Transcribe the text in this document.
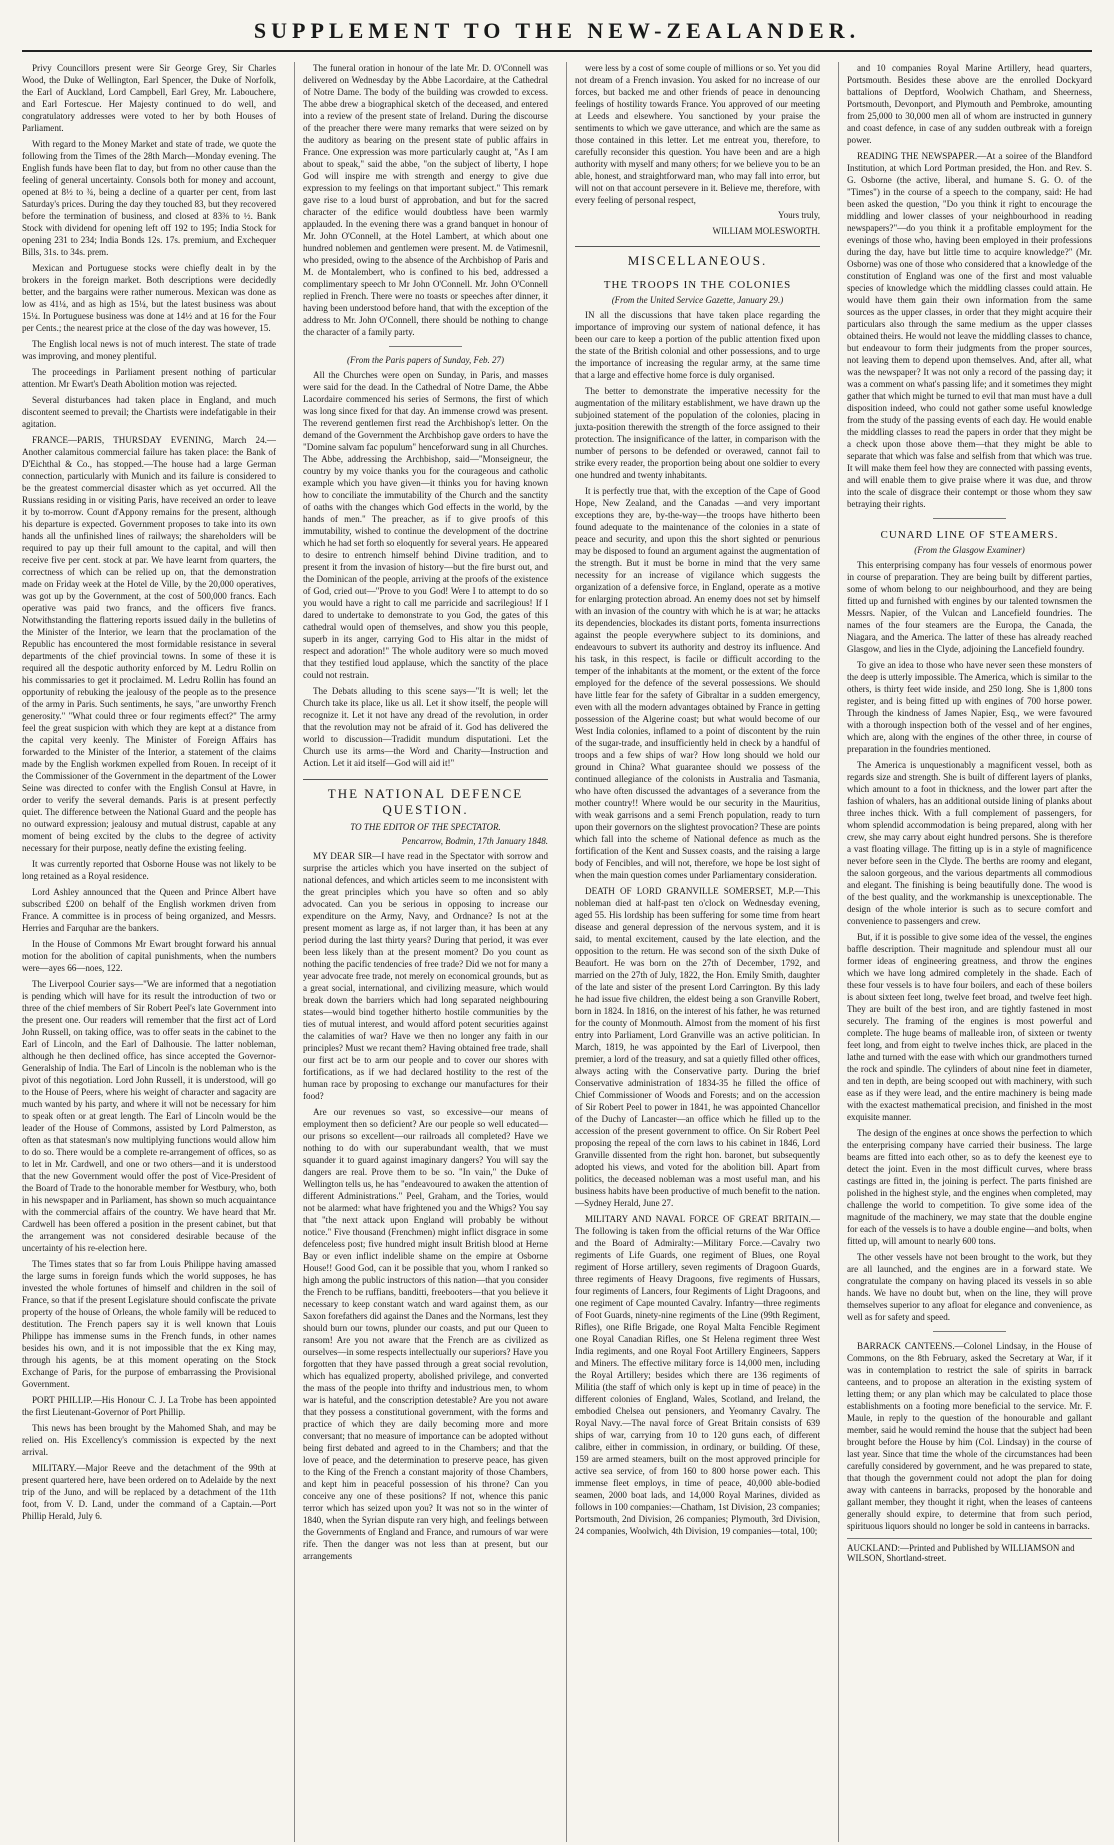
SUPPLEMENT TO THE NEW-ZEALANDER.

Privy Councillors present were Sir George Grey, Sir Charles Wood, the Duke of Wellington, Earl Spencer, the Duke of Norfolk, the Earl of Auckland, Lord Campbell, Earl Grey, Mr. Labouchere, and Earl Fortescue. Her Majesty continued to do well, and congratulatory addresses were voted to her by both Houses of Parliament.

With regard to the Money Market and state of trade, we quote the following from the Times of the 28th March—Monday evening. The English funds have been flat to day, but from no other cause than the feeling of general uncertainty. Consols both for money and account, opened at 8½ to ¾, being a decline of a quarter per cent, from last Saturday's prices. During the day they touched 83, but they recovered before the termination of business, and closed at 83⅜ to ½. Bank Stock with dividend for opening left off 192 to 195; India Stock for opening 231 to 234; India Bonds 12s. 17s. premium, and Exchequer Bills, 31s. to 34s. prem.

Mexican and Portuguese stocks were chiefly dealt in by the brokers in the foreign market. Both descriptions were decidedly better, and the bargains were rather numerous. Mexican was done as low as 41¼, and as high as 15¼, but the latest business was about 15¼. In Portuguese business was done at 14½ and at 16 for the Four per Cents.; the nearest price at the close of the day was however, 15.

The English local news is not of much interest. The state of trade was improving, and money plentiful.

The proceedings in Parliament present nothing of particular attention. Mr Ewart's Death Abolition motion was rejected.

Several disturbances had taken place in England, and much discontent seemed to prevail; the Chartists were indefatigable in their agitation.

FRANCE—PARIS, THURSDAY EVENING, March 24.—Another calamitous commercial failure has taken place: the Bank of D'Eichthal & Co., has stopped.—The house had a large German connection, particularly with Munich and its failure is considered to be the greatest commercial disaster which as yet occurred. All the Russians residing in or visiting Paris, have received an order to leave it by to-morrow. Count d'Appony remains for the present, although his departure is expected. Government proposes to take into its own hands all the unfinished lines of railways; the shareholders will be required to pay up their full amount to the capital, and will then receive five per cent. stock at par. We have learnt from quarters, the correctness of which can be relied up on, that the demonstration made on Friday week at the Hotel de Ville, by the 20,000 operatives, was got up by the Government, at the cost of 500,000 francs. Each operative was paid two francs, and the officers five francs. Notwithstanding the flattering reports issued daily in the bulletins of the Minister of the Interior, we learn that the proclamation of the Republic has encountered the most formidable resistance in several departments of the chief provincial towns. In some of these it is required all the despotic authority enforced by M. Ledru Rollin on his commissaries to get it proclaimed. M. Ledru Rollin has found an opportunity of rebuking the jealousy of the people as to the presence of the army in Paris. Such sentiments, he says, "are unworthy French generosity." "What could three or four regiments effect?" The army feel the great suspicion with which they are kept at a distance from the capital very keenly. The Minister of Foreign Affairs has forwarded to the Minister of the Interior, a statement of the claims made by the English workmen expelled from Rouen. In receipt of it the Commissioner of the Government in the department of the Lower Seine was directed to confer with the English Consul at Havre, in order to verify the several demands. Paris is at present perfectly quiet. The difference between the National Guard and the people has no outward expression; jealousy and mutual distrust, capable at any moment of being excited by the clubs to the degree of activity necessary for their purpose, neatly define the existing feeling.

It was currently reported that Osborne House was not likely to be long retained as a Royal residence.

Lord Ashley announced that the Queen and Prince Albert have subscribed £200 on behalf of the English workmen driven from France. A committee is in process of being organized, and Messrs. Herries and Farquhar are the bankers.

In the House of Commons Mr Ewart brought forward his annual motion for the abolition of capital punishments, when the numbers were—ayes 66—noes, 122.

The Liverpool Courier says—"We are informed that a negotiation is pending which will have for its result the introduction of two or three of the chief members of Sir Robert Peel's late Government into the present one. Our readers will remember that the first act of Lord John Russell, on taking office, was to offer seats in the cabinet to the Earl of Lincoln, and the Earl of Dalhousie. The latter nobleman, although he then declined office, has since accepted the Governor-Generalship of India. The Earl of Lincoln is the nobleman who is the pivot of this negotiation. Lord John Russell, it is understood, will go to the House of Peers, where his weight of character and sagacity are much wanted by his party, and where it will not be necessary for him to speak often or at great length. The Earl of Lincoln would be the leader of the House of Commons, assisted by Lord Palmerston, as often as that statesman's now multiplying functions would allow him to do so. There would be a complete re-arrangement of offices, so as to let in Mr. Cardwell, and one or two others—and it is understood that the new Government would offer the post of Vice-President of the Board of Trade to the honorable member for Westbury, who, both in his newspaper and in Parliament, has shown so much acquaintance with the commercial affairs of the country. We have heard that Mr. Cardwell has been offered a position in the present cabinet, but that the arrangement was not considered desirable because of the uncertainty of his re-election here.

The Times states that so far from Louis Philippe having amassed the large sums in foreign funds which the world supposes, he has invested the whole fortunes of himself and children in the soil of France, so that if the present Legislature should confiscate the private property of the house of Orleans, the whole family will be reduced to destitution. The French papers say it is well known that Louis Philippe has immense sums in the French funds, in other names besides his own, and it is not impossible that the ex King may, through his agents, be at this moment operating on the Stock Exchange of Paris, for the purpose of embarrassing the Provisional Government.

PORT PHILLIP.—His Honour C. J. La Trobe has been appointed the first Lieutenant-Governor of Port Phillip.

This news has been brought by the Mahomed Shah, and may be relied on. His Excellency's commission is expected by the next arrival.

MILITARY.—Major Reeve and the detachment of the 99th at present quartered here, have been ordered on to Adelaide by the next trip of the Juno, and will be replaced by a detachment of the 11th foot, from V. D. Land, under the command of a Captain.—Port Phillip Herald, July 6.

The funeral oration in honour of the late Mr. D. O'Connell was delivered on Wednesday by the Abbe Lacordaire, at the Cathedral of Notre Dame. The body of the building was crowded to excess. The abbe drew a biographical sketch of the deceased, and entered into a review of the present state of Ireland. During the discourse of the preacher there were many remarks that were seized on by the auditory as bearing on the present state of public affairs in France. One expression was more particularly caught at, "As I am about to speak," said the abbe, "on the subject of liberty, I hope God will inspire me with strength and energy to give due expression to my feelings on that important subject." This remark gave rise to a loud burst of approbation, and but for the sacred character of the edifice would doubtless have been warmly applauded. In the evening there was a grand banquet in honour of Mr. John O'Connell, at the Hotel Lambert, at which about one hundred noblemen and gentlemen were present. M. de Vatimesnil, who presided, owing to the absence of the Archbishop of Paris and M. de Montalembert, who is confined to his bed, addressed a complimentary speech to Mr John O'Connell. Mr. John O'Connell replied in French. There were no toasts or speeches after dinner, it having been understood before hand, that with the exception of the address to Mr. John O'Connell, there should be nothing to change the character of a family party.

(From the Paris papers of Sunday, Feb. 27)

All the Churches were open on Sunday, in Paris, and masses were said for the dead. In the Cathedral of Notre Dame, the Abbe Lacordaire commenced his series of Sermons, the first of which was long since fixed for that day. An immense crowd was present. The reverend gentlemen first read the Archbishop's letter. On the demand of the Government the Archbishop gave orders to have the "Domine salvam fac populum" henceforward sung in all Churches. The Abbe, addressing the Archbishop, said—"Monseigneur, the country by my voice thanks you for the courageous and catholic example which you have given—it thinks you for having known how to conciliate the immutability of the Church and the sanctity of oaths with the changes which God effects in the world, by the hands of men." The preacher, as if to give proofs of this immutability, wished to continue the development of the doctrine which he had set forth so eloquently for several years. He appeared to desire to entrench himself behind Divine tradition, and to present it from the invasion of history—but the fire burst out, and the Dominican of the people, arriving at the proofs of the existence of God, cried out—"Prove to you God! Were I to attempt to do so you would have a right to call me parricide and sacrilegious! If I dared to undertake to demonstrate to you God, the gates of this cathedral would open of themselves, and show you this people, superb in its anger, carrying God to His altar in the midst of respect and adoration!" The whole auditory were so much moved that they testified loud applause, which the sanctity of the place could not restrain.

The Debats alluding to this scene says—"It is well; let the Church take its place, like us all. Let it show itself, the people will recognize it. Let it not have any dread of the revolution, in order that the revolution may not be afraid of it. God has delivered the world to discussion—Tradidit mundum disputationi. Let the Church use its arms—the Word and Charity—Instruction and Action. Let it aid itself—God will aid it!"

THE NATIONAL DEFENCE QUESTION.
TO THE EDITOR OF THE SPECTATOR.
Pencarrow, Bodmin, 17th January 1848.

MY DEAR SIR—I have read in the Spectator with sorrow and surprise the articles which you have inserted on the subject of national defences, and which articles seem to me inconsistent with the great principles which you have so often and so ably advocated. Can you be serious in opposing to increase our expenditure on the Army, Navy, and Ordnance? Is not at the present moment as large as, if not larger than, it has been at any period during the last thirty years? During that period, it was ever been less likely than at the present moment? Do you count as nothing the pacific tendencies of free trade? Did we not for many a year advocate free trade, not merely on economical grounds, but as a great social, international, and civilizing measure, which would break down the barriers which had long separated neighbouring states—would bind together hitherto hostile communities by the ties of mutual interest, and would afford potent securities against the calamities of war? Have we then no longer any faith in our principles? Must we recant them? Having obtained free trade, shall our first act be to arm our people and to cover our shores with fortifications, as if we had declared hostility to the rest of the human race by proposing to exchange our manufactures for their food?

Are our revenues so vast, so excessive—our means of employment then so deficient? Are our people so well educated—our prisons so excellent—our railroads all completed? Have we nothing to do with our superabundant wealth, that we must squander it to guard against imaginary dangers? You will say the dangers are real. Prove them to be so. "In vain," the Duke of Wellington tells us, he has "endeavoured to awaken the attention of different Administrations." Peel, Graham, and the Tories, would not be alarmed: what have frightened you and the Whigs? You say that "the next attack upon England will probably be without notice." Five thousand (Frenchmen) might inflict disgrace in some defenceless post; five hundred might insult British blood at Herne Bay or even inflict indelible shame on the empire at Osborne House!! Good God, can it be possible that you, whom I ranked so high among the public instructors of this nation—that you consider the French to be ruffians, banditti, freebooters—that you believe it necessary to keep constant watch and ward against them, as our Saxon forefathers did against the Danes and the Normans, lest they should burn our towns, plunder our coasts, and put our Queen to ransom! Are you not aware that the French are as civilized as ourselves—in some respects intellectually our superiors? Have you forgotten that they have passed through a great social revolution, which has equalized property, abolished privilege, and converted the mass of the people into thrifty and industrious men, to whom war is hateful, and the conscription detestable? Are you not aware that they possess a constitutional government, with the forms and practice of which they are daily becoming more and more conversant; that no measure of importance can be adopted without being first debated and agreed to in the Chambers; and that the love of peace, and the determination to preserve peace, has given to the King of the French a constant majority of those Chambers, and kept him in peaceful possession of his throne? Can you conceive any one of these positions? If not, whence this panic terror which has seized upon you? It was not so in the winter of 1840, when the Syrian dispute ran very high, and feelings between the Governments of England and France, and rumours of war were rife. Then the danger was not less than at present, but our arrangements

were less by a cost of some couple of millions or so. Yet you did not dream of a French invasion. You asked for no increase of our forces, but backed me and other friends of peace in denouncing feelings of hostility towards France. You approved of our meeting at Leeds and elsewhere. You sanctioned by your praise the sentiments to which we gave utterance, and which are the same as those contained in this letter. Let me entreat you, therefore, to carefully reconsider this question. You have been and are a high authority with myself and many others; for we believe you to be an able, honest, and straightforward man, who may fall into error, but will not on that account persevere in it. Believe me, therefore, with every feeling of personal respect,

Yours truly,
WILLIAM MOLESWORTH.
MISCELLANEOUS.
THE TROOPS IN THE COLONIES
(From the United Service Gazette, January 29.)

IN all the discussions that have taken place regarding the importance of improving our system of national defence, it has been our care to keep a portion of the public attention fixed upon the state of the British colonial and other possessions, and to urge the importance of increasing the regular army, at the same time that a large and effective home force is duly organised.

The better to demonstrate the imperative necessity for the augmentation of the military establishment, we have drawn up the subjoined statement of the population of the colonies, placing in juxta-position therewith the strength of the force assigned to their protection. The insignificance of the latter, in comparison with the number of persons to be defended or overawed, cannot fail to strike every reader, the proportion being about one soldier to every one hundred and twenty inhabitants.

It is perfectly true that, with the exception of the Cape of Good Hope, New Zealand, and the Canadas —and very important exceptions they are, by-the-way—the troops have hitherto been found adequate to the maintenance of the colonies in a state of peace and security, and upon this the short sighted or penurious may be disposed to found an argument against the augmentation of the strength. But it must be borne in mind that the very same necessity for an increase of vigilance which suggests the organization of a defensive force, in England, operate as a motive for enlarging protection abroad. An enemy does not set by himself with an invasion of the country with which he is at war; he attacks its dependencies, blockades its distant ports, fomenta insurrections against the people everywhere subject to its dominions, and endeavours to subvert its authority and destroy its influence. And his task, in this respect, is facile or difficult according to the temper of the inhabitants at the moment, or the extent of the force employed for the defence of the several possessions. We should have little fear for the safety of Gibraltar in a sudden emergency, even with all the modern advantages obtained by France in getting possession of the Algerine coast; but what would become of our West India colonies, inflamed to a point of discontent by the ruin of the sugar-trade, and insufficiently held in check by a handful of troops and a few ships of war? How long should we hold our ground in China? What guarantee should we possess of the continued allegiance of the colonists in Australia and Tasmania, who have often discussed the advantages of a severance from the mother country!! Where would be our security in the Mauritius, with weak garrisons and a semi French population, ready to turn upon their governors on the slightest provocation? These are points which fall into the scheme of National defence as much as the fortification of the Kent and Sussex coasts, and the raising a large body of Fencibles, and will not, therefore, we hope be lost sight of when the main question comes under Parliamentary consideration.

DEATH OF LORD GRANVILLE SOMERSET, M.P.—This nobleman died at half-past ten o'clock on Wednesday evening, aged 55. His lordship has been suffering for some time from heart disease and general depression of the nervous system, and it is said, to mental excitement, caused by the late election, and the opposition to the return. He was second son of the sixth Duke of Beaufort. He was born on the 27th of December, 1792, and married on the 27th of July, 1822, the Hon. Emily Smith, daughter of the late and sister of the present Lord Carrington. By this lady he had issue five children, the eldest being a son Granville Robert, born in 1824. In 1816, on the interest of his father, he was returned for the county of Monmouth. Almost from the moment of his first entry into Parliament, Lord Granville was an active politician. In March, 1819, he was appointed by the Earl of Liverpool, then premier, a lord of the treasury, and sat a quietly filled other offices, always acting with the Conservative party. During the brief Conservative administration of 1834-35 he filled the office of Chief Commissioner of Woods and Forests; and on the accession of Sir Robert Peel to power in 1841, he was appointed Chancellor of the Duchy of Lancaster—an office which he filled up to the accession of the present government to office. On Sir Robert Peel proposing the repeal of the corn laws to his cabinet in 1846, Lord Granville dissented from the right hon. baronet, but subsequently adopted his views, and voted for the abolition bill. Apart from politics, the deceased nobleman was a most useful man, and his business habits have been productive of much benefit to the nation.—Sydney Herald, June 27.

MILITARY AND NAVAL FORCE OF GREAT BRITAIN.—The following is taken from the official returns of the War Office and the Board of Admiralty:—Military Force.—Cavalry two regiments of Life Guards, one regiment of Blues, one Royal regiment of Horse artillery, seven regiments of Dragoon Guards, three regiments of Heavy Dragoons, five regiments of Hussars, four regiments of Lancers, four Regiments of Light Dragoons, and one regiment of Cape mounted Cavalry. Infantry—three regiments of Foot Guards, ninety-nine regiments of the Line (99th Regiment, Rifles), one Rifle Brigade, one Royal Malta Fencible Regiment one Royal Canadian Rifles, one St Helena regiment three West India regiments, and one Royal Foot Artillery Engineers, Sappers and Miners. The effective military force is 14,000 men, including the Royal Artillery; besides which there are 136 regiments of Militia (the staff of which only is kept up in time of peace) in the different colonies of England, Wales, Scotland, and Ireland, the embodied Chelsea out pensioners, and Yeomanry Cavalry. The Royal Navy.—The naval force of Great Britain consists of 639 ships of war, carrying from 10 to 120 guns each, of different calibre, either in commission, in ordinary, or building. Of these, 159 are armed steamers, built on the most approved principle for active sea service, of from 160 to 800 horse power each. This immense fleet employs, in time of peace, 40,000 able-bodied seamen, 2000 boat lads, and 14,000 Royal Marines, divided as follows in 100 companies:—Chatham, 1st Division, 23 companies; Portsmouth, 2nd Division, 26 companies; Plymouth, 3rd Division, 24 companies, Woolwich, 4th Division, 19 companies—total, 100;

and 10 companies Royal Marine Artillery, head quarters, Portsmouth. Besides these above are the enrolled Dockyard battalions of Deptford, Woolwich Chatham, and Sheerness, Portsmouth, Devonport, and Plymouth and Pembroke, amounting from 25,000 to 30,000 men all of whom are instructed in gunnery and coast defence, in case of any sudden outbreak with a foreign power.

READING THE NEWSPAPER.—At a soiree of the Blandford Institution, at which Lord Portman presided, the Hon. and Rev. S. G. Osborne (the active, liberal, and humane S. G. O. of the "Times") in the course of a speech to the company, said: He had been asked the question, "Do you think it right to encourage the middling and lower classes of your neighbourhood in reading newspapers?"—do you think it a profitable employment for the evenings of those who, having been employed in their professions during the day, have but little time to acquire knowledge?" (Mr. Osborne) was one of those who considered that a knowledge of the constitution of England was one of the first and most valuable species of knowledge which the middling classes could attain. He would have them gain their own information from the same sources as the upper classes, in order that they might acquire their particulars also through the same medium as the upper classes obtained theirs. He would not leave the middling classes to chance, but endeavour to form their judgments from the proper sources, not leaving them to depend upon themselves. And, after all, what was the newspaper? It was not only a record of the passing day; it was a comment on what's passing life; and it sometimes they might gather that which might be turned to evil that man must have a dull disposition indeed, who could not gather some useful knowledge from the study of the passing events of each day. He would enable the middling classes to read the papers in order that they might be a check upon those above them—that they might be able to separate that which was false and selfish from that which was true. It will make them feel how they are connected with passing events, and will enable them to give praise where it was due, and throw into the scale of disgrace their contempt or those whom they saw betraying their rights.

CUNARD LINE OF STEAMERS.
(From the Glasgow Examiner)

This enterprising company has four vessels of enormous power in course of preparation. They are being built by different parties, some of whom belong to our neighbourhood, and they are being fitted up and furnished with engines by our talented townsmen the Messrs. Napier, of the Vulcan and Lancefield foundries. The names of the four steamers are the Europa, the Canada, the Niagara, and the America. The latter of these has already reached Glasgow, and lies in the Clyde, adjoining the Lancefield foundry.

To give an idea to those who have never seen these monsters of the deep is utterly impossible. The America, which is similar to the others, is thirty feet wide inside, and 250 long. She is 1,800 tons register, and is being fitted up with engines of 700 horse power. Through the kindness of James Napier, Esq., we were favoured with a thorough inspection both of the vessel and of her engines, which are, along with the engines of the other three, in course of preparation in the foundries mentioned.

The America is unquestionably a magnificent vessel, both as regards size and strength. She is built of different layers of planks, which amount to a foot in thickness, and the lower part after the fashion of whalers, has an additional outside lining of planks about three inches thick. With a full complement of passengers, for whom splendid accommodation is being prepared, along with her crew, she may carry about eight hundred persons. She is therefore a vast floating village. The fitting up is in a style of magnificence never before seen in the Clyde. The berths are roomy and elegant, the saloon gorgeous, and the various departments all commodious and elegant. The finishing is being beautifully done. The wood is of the best quality, and the workmanship is unexceptionable. The design of the whole interior is such as to secure comfort and convenience to passengers and crew.

But, if it is possible to give some idea of the vessel, the engines baffle description. Their magnitude and splendour must all our former ideas of engineering greatness, and throw the engines which we have long admired completely in the shade. Each of these four vessels is to have four boilers, and each of these boilers is about sixteen feet long, twelve feet broad, and twelve feet high. They are built of the best iron, and are tightly fastened in most securely. The framing of the engines is most powerful and complete. The huge beams of malleable iron, of sixteen or twenty feet long, and from eight to twelve inches thick, are placed in the lathe and turned with the ease with which our grandmothers turned the rock and spindle. The cylinders of about nine feet in diameter, and ten in depth, are being scooped out with machinery, with such ease as if they were lead, and the entire machinery is being made with the exactest mathematical precision, and finished in the most exquisite manner.

The design of the engines at once shows the perfection to which the enterprising company have carried their business. The large beams are fitted into each other, so as to defy the keenest eye to detect the joint. Even in the most difficult curves, where brass castings are fitted in, the joining is perfect. The parts finished are polished in the highest style, and the engines when completed, may challenge the world to competition. To give some idea of the magnitude of the machinery, we may state that the double engine for each of the vessels is to have a double engine—and bolts, when fitted up, will amount to nearly 600 tons.

The other vessels have not been brought to the work, but they are all launched, and the engines are in a forward state. We congratulate the company on having placed its vessels in so able hands. We have no doubt but, when on the line, they will prove themselves superior to any afloat for elegance and convenience, as well as for safety and speed.

BARRACK CANTEENS.—Colonel Lindsay, in the House of Commons, on the 8th February, asked the Secretary at War, if it was in contemplation to restrict the sale of spirits in barrack canteens, and to propose an alteration in the existing system of letting them; or any plan which may be calculated to place those establishments on a footing more beneficial to the service. Mr. F. Maule, in reply to the question of the honourable and gallant member, said he would remind the house that the subject had been brought before the House by him (Col. Lindsay) in the course of last year. Since that time the whole of the circumstances had been carefully considered by government, and he was prepared to state, that though the government could not adopt the plan for doing away with canteens in barracks, proposed by the honorable and gallant member, they thought it right, when the leases of canteens generally should expire, to determine that from such period, spirituous liquors should no longer be sold in canteens in barracks.

AUCKLAND:—Printed and Published by WILLIAMSON and WILSON, Shortland-street.
